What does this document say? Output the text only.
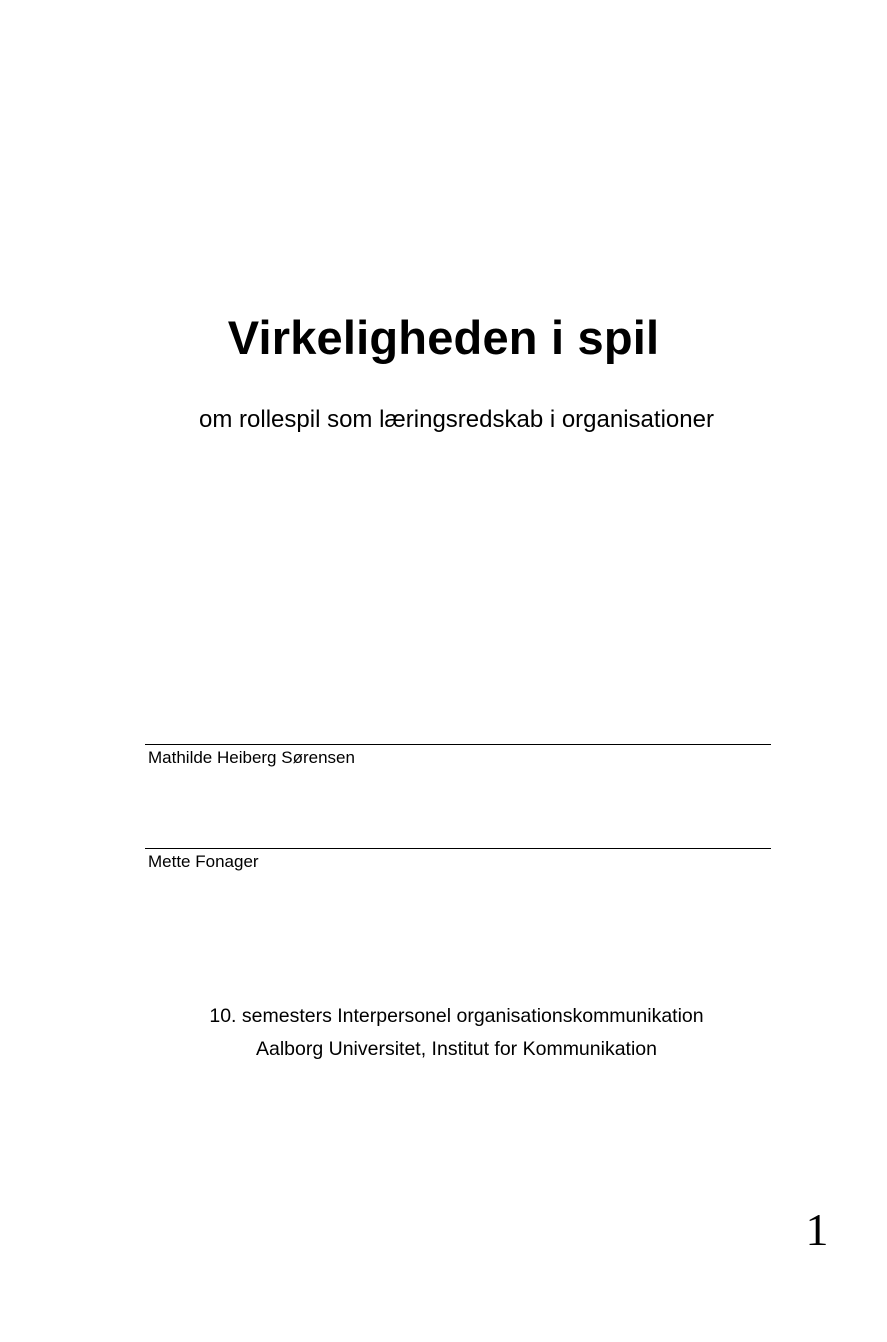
Virkeligheden i spil

om rollespil som læringsredskab i organisationer

Mathilde Heiberg Sørensen
Mette Fonager
10. semesters Interpersonel organisationskommunikation
Aalborg Universitet, Institut for Kommunikation
1
